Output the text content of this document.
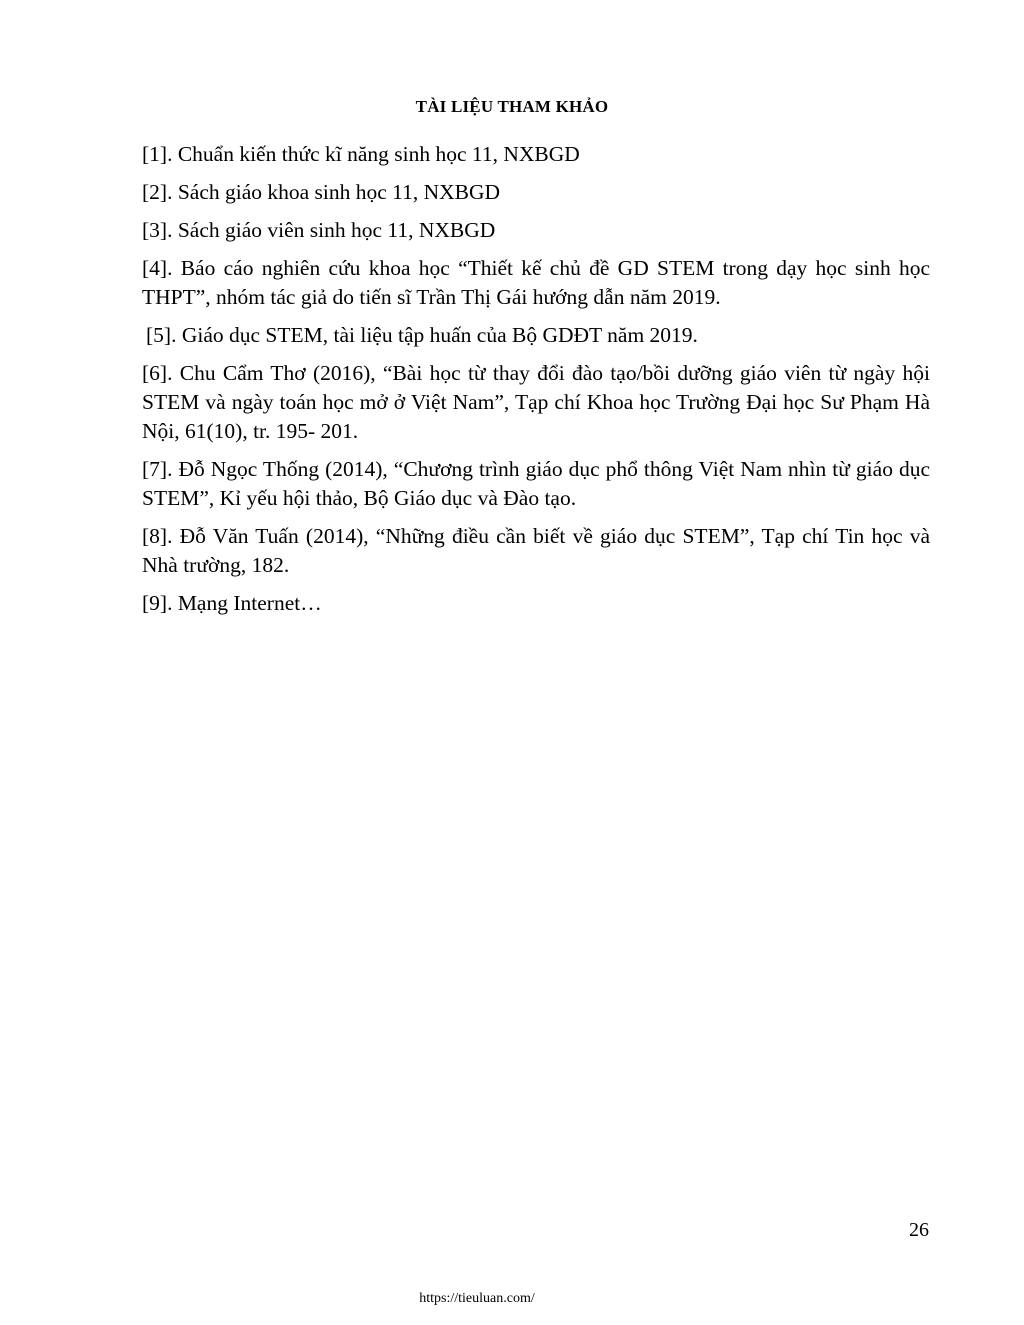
TÀI LIỆU THAM KHẢO
[1]. Chuẩn kiến thức kĩ năng sinh học 11, NXBGD
[2]. Sách giáo khoa sinh học 11, NXBGD
[3]. Sách giáo viên sinh học 11, NXBGD
[4]. Báo cáo nghiên cứu khoa học “Thiết kế chủ đề GD STEM trong dạy học sinh học THPT”, nhóm tác giả do tiến sĩ Trần Thị Gái hướng dẫn năm 2019.
[5]. Giáo dục STEM, tài liệu tập huấn của Bộ GDĐT năm 2019.
[6]. Chu Cẩm Thơ (2016), “Bài học từ thay đổi đào tạo/bồi dưỡng giáo viên từ ngày hội STEM và ngày toán học mở ở Việt Nam”, Tạp chí Khoa học Trường Đại học Sư Phạm Hà Nội, 61(10), tr. 195- 201.
[7]. Đỗ Ngọc Thống (2014), “Chương trình giáo dục phổ thông Việt Nam nhìn từ giáo dục STEM”, Kỉ yếu hội thảo, Bộ Giáo dục và Đào tạo.
[8]. Đỗ Văn Tuấn (2014), “Những điều cần biết về giáo dục STEM”, Tạp chí Tin học và Nhà trường, 182.
[9]. Mạng Internet…
26
https://tieuluan.com/
